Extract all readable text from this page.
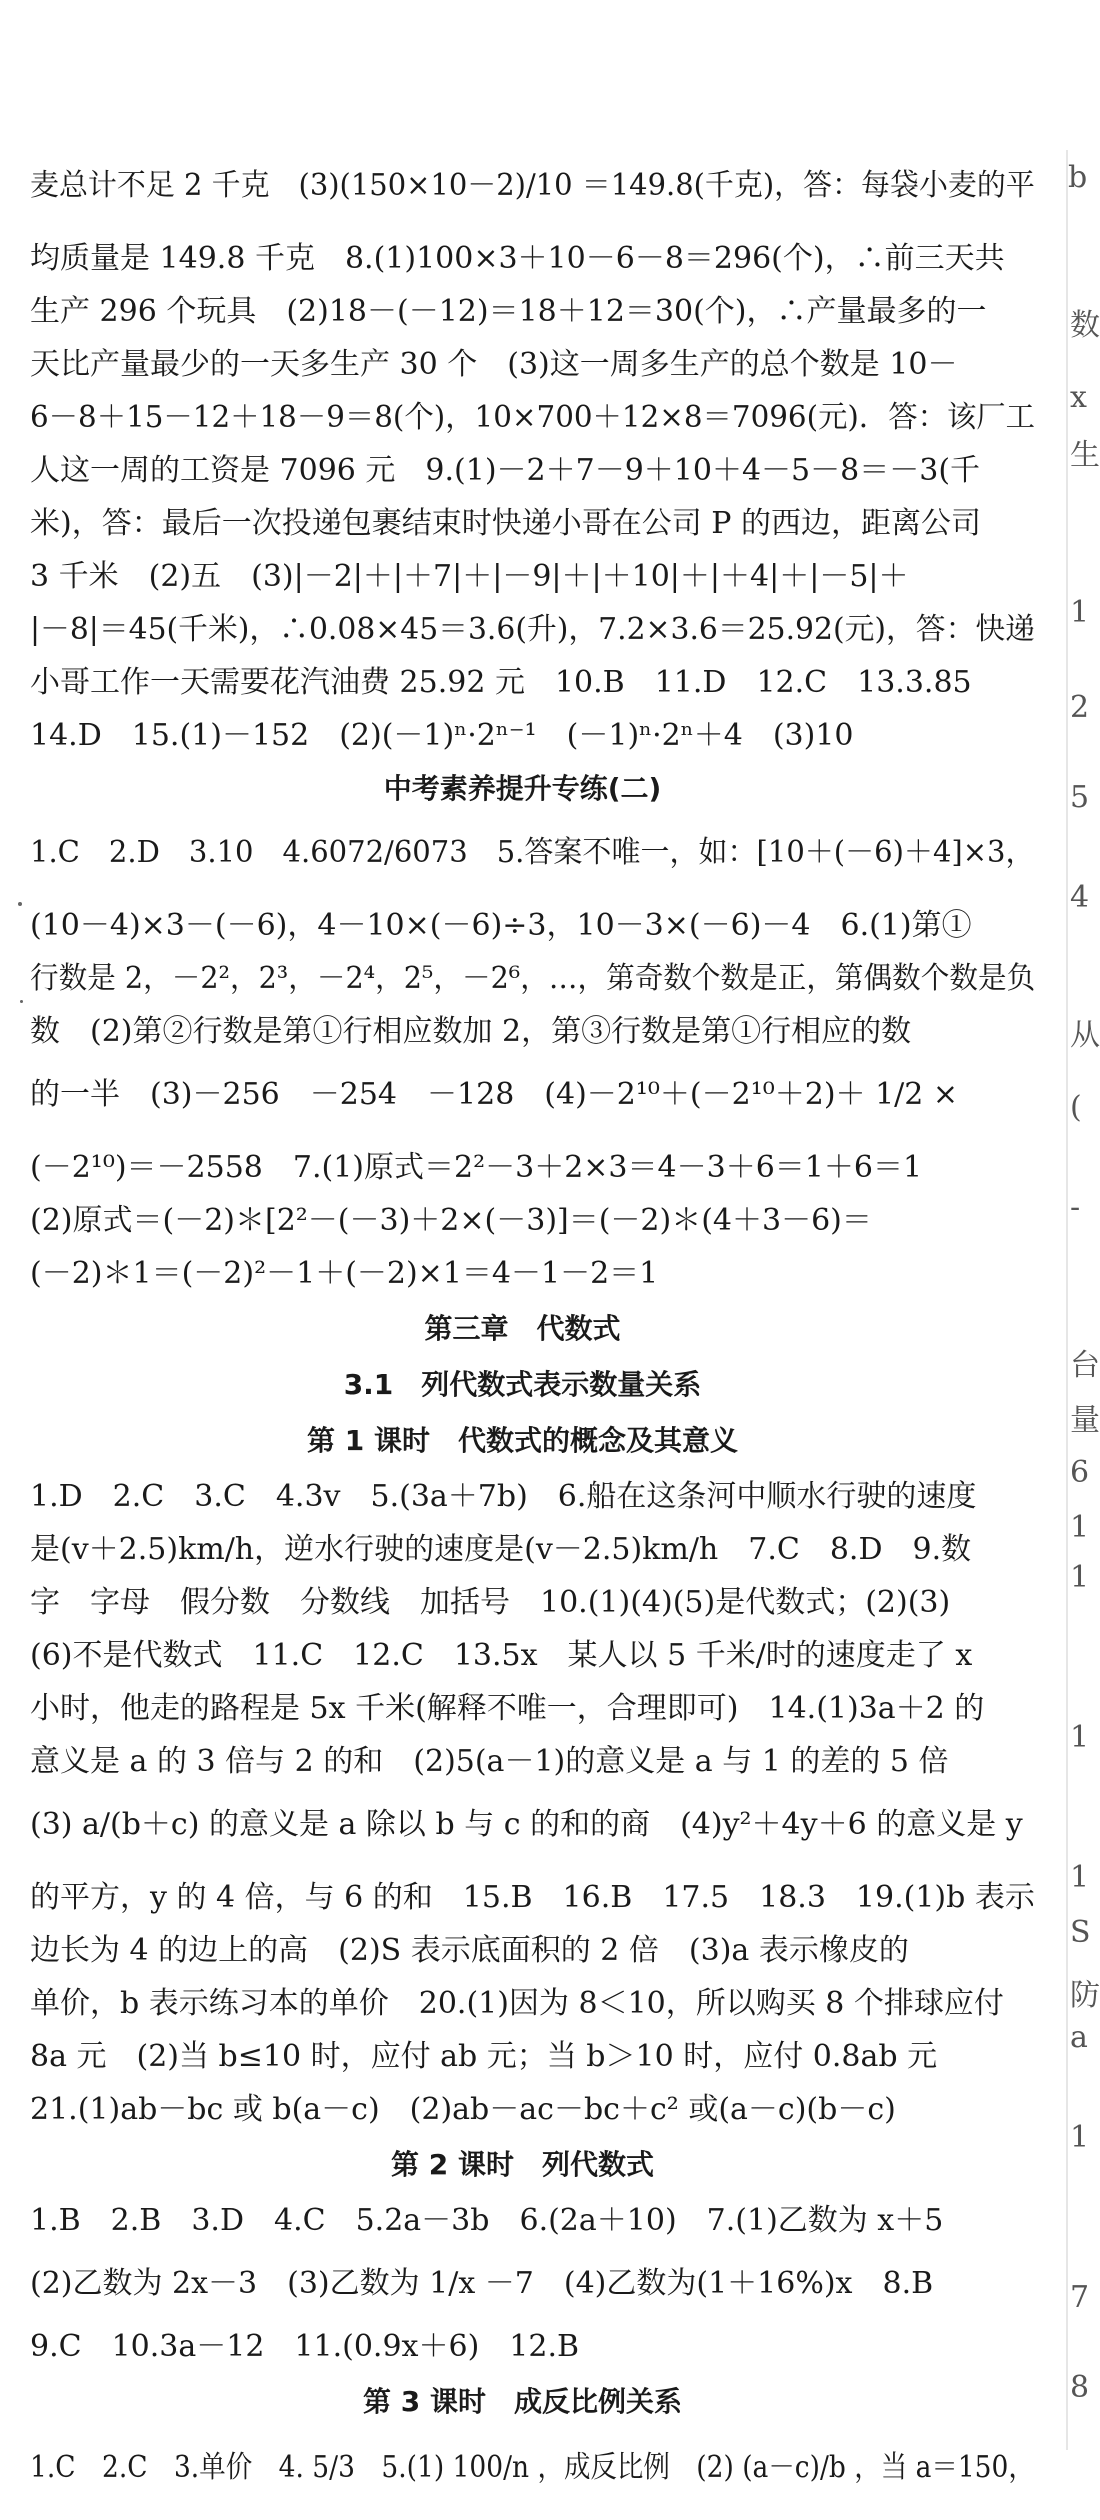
麦总计不足 2 千克　(3)(150×10－2)/10 ＝149.8(千克)，答：每袋小麦的平
均质量是 149.8 千克　8.(1)100×3＋10－6－8＝296(个)，∴前三天共
生产 296 个玩具　(2)18－(－12)＝18＋12＝30(个)，∴产量最多的一
天比产量最少的一天多生产 30 个　(3)这一周多生产的总个数是 10－
6－8＋15－12＋18－9＝8(个)，10×700＋12×8＝7096(元)．答：该厂工
人这一周的工资是 7096 元　9.(1)－2＋7－9＋10＋4－5－8＝－3(千
米)，答：最后一次投递包裹结束时快递小哥在公司 P 的西边，距离公司
3 千米　(2)五　(3)|－2|＋|＋7|＋|－9|＋|＋10|＋|＋4|＋|－5|＋
|－8|＝45(千米)，∴0.08×45＝3.6(升)，7.2×3.6＝25.92(元)，答：快递
小哥工作一天需要花汽油费 25.92 元　10.B　11.D　12.C　13.3.85
14.D　15.(1)－152　(2)(－1)ⁿ·2ⁿ⁻¹　(－1)ⁿ·2ⁿ＋4　(3)10
中考素养提升专练(二)
1.C　2.D　3.10　4.6072/6073　5.答案不唯一，如：[10＋(－6)＋4]×3，
(10－4)×3－(－6)，4－10×(－6)÷3，10－3×(－6)－4　6.(1)第①
行数是 2，－2²，2³，－2⁴，2⁵，－2⁶，…，第奇数个数是正，第偶数个数是负
数　(2)第②行数是第①行相应数加 2，第③行数是第①行相应的数
的一半　(3)－256　－254　－128　(4)－2¹⁰＋(－2¹⁰＋2)＋ 1/2 ×
(－2¹⁰)＝－2558　7.(1)原式＝2²－3＋2×3＝4－3＋6＝1＋6＝1
(2)原式＝(－2)＊[2²－(－3)＋2×(－3)]＝(－2)＊(4＋3－6)＝
(－2)＊1＝(－2)²－1＋(－2)×1＝4－1－2＝1
第三章　代数式
3.1　列代数式表示数量关系
第 1 课时　代数式的概念及其意义
1.D　2.C　3.C　4.3v　5.(3a＋7b)　6.船在这条河中顺水行驶的速度
是(v＋2.5)km/h，逆水行驶的速度是(v－2.5)km/h　7.C　8.D　9.数
字　字母　假分数　分数线　加括号　10.(1)(4)(5)是代数式；(2)(3)
(6)不是代数式　11.C　12.C　13.5x　某人以 5 千米/时的速度走了 x
小时，他走的路程是 5x 千米(解释不唯一，合理即可)　14.(1)3a＋2 的
意义是 a 的 3 倍与 2 的和　(2)5(a－1)的意义是 a 与 1 的差的 5 倍
(3) a/(b＋c) 的意义是 a 除以 b 与 c 的和的商　(4)y²＋4y＋6 的意义是 y
的平方，y 的 4 倍，与 6 的和　15.B　16.B　17.5　18.3　19.(1)b 表示
边长为 4 的边上的高　(2)S 表示底面积的 2 倍　(3)a 表示橡皮的
单价，b 表示练习本的单价　20.(1)因为 8＜10，所以购买 8 个排球应付
8a 元　(2)当 b≤10 时，应付 ab 元；当 b＞10 时，应付 0.8ab 元
21.(1)ab－bc 或 b(a－c)　(2)ab－ac－bc＋c² 或(a－c)(b－c)
第 2 课时　列代数式
1.B　2.B　3.D　4.C　5.2a－3b　6.(2a＋10)　7.(1)乙数为 x＋5
(2)乙数为 2x－3　(3)乙数为 1/x －7　(4)乙数为(1＋16%)x　8.B
9.C　10.3a－12　11.(0.9x＋6)　12.B
第 3 课时　成反比例关系
1.C　2.C　3.单价　4. 5/3　5.(1) 100/n ，成反比例　(2) (a－c)/b ，当 a＝150，
b
数
x
生
1
2
5
4
从
(
-
台
量
6
1
1
1
1
S
防
a
1
7
8
